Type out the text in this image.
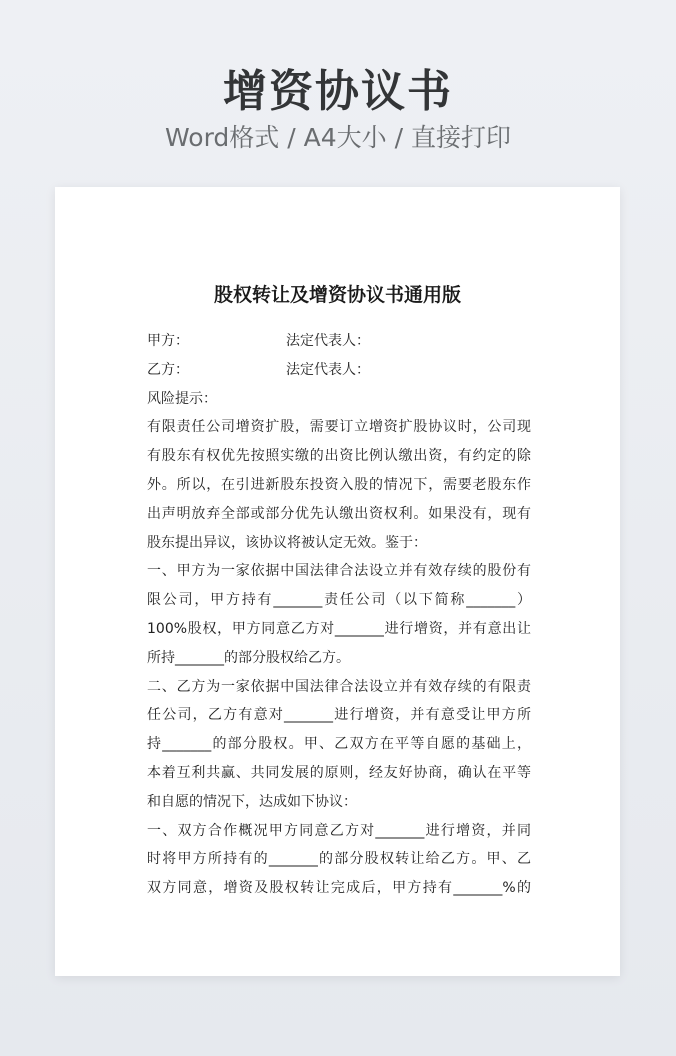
增资协议书
Word格式 / A4大小 / 直接打印
股权转让及增资协议书通用版
甲方：	法定代表人：
乙方：	法定代表人：
风险提示：
有限责任公司增资扩股，需要订立增资扩股协议时，公司现
有股东有权优先按照实缴的出资比例认缴出资，有约定的除
外。所以，在引进新股东投资入股的情况下，需要老股东作
出声明放弃全部或部分优先认缴出资权利。如果没有，现有
股东提出异议，该协议将被认定无效。鉴于：
一、甲方为一家依据中国法律合法设立并有效存续的股份有
限公司，甲方持有_______责任公司（以下简称_______）
100%股权，甲方同意乙方对_______进行增资，并有意出让
所持_______的部分股权给乙方。
二、乙方为一家依据中国法律合法设立并有效存续的有限责
任公司，乙方有意对_______进行增资，并有意受让甲方所
持_______的部分股权。甲、乙双方在平等自愿的基础上，
本着互利共赢、共同发展的原则，经友好协商，确认在平等
和自愿的情况下，达成如下协议：
一、双方合作概况甲方同意乙方对_______进行增资，并同
时将甲方所持有的_______的部分股权转让给乙方。甲、乙
双方同意，增资及股权转让完成后，甲方持有_______%的
